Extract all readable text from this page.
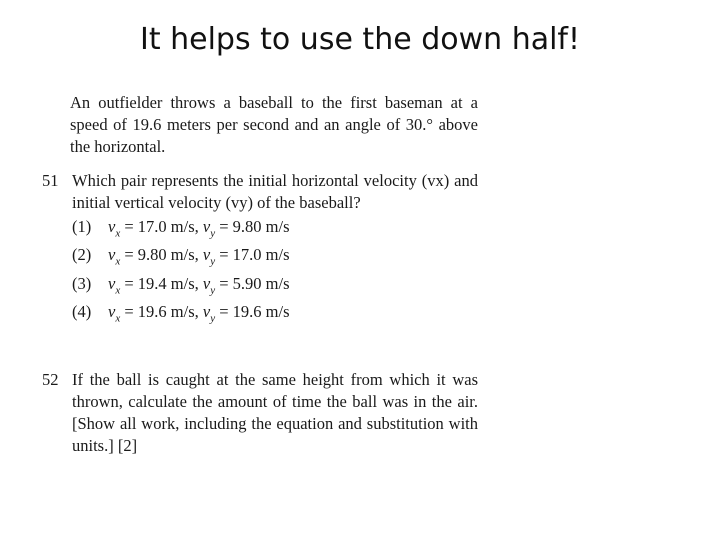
It helps to use the down half!

An outfielder throws a baseball to the first baseman at a speed of 19.6 meters per second and an angle of 30.° above the horizontal.

51 Which pair represents the initial horizontal velocity (vx) and initial vertical velocity (vy) of the baseball?
(1)	$v_x = 17.0$ m/s , $v_y = 9.80$ m/s
(2)	$v_x = 9.80$ m/s , $v_y = 17.0$ m/s
(3)	$v_x = 19.4$ m/s , $v_y = 5.90$ m/s
(4)	$v_x = 19.6$ m/s , $v_y = 19.6$ m/s
52 If the ball is caught at the same height from which it was thrown, calculate the amount of time the ball was in the air. [Show all work, including the equation and substitution with units.] [2]
